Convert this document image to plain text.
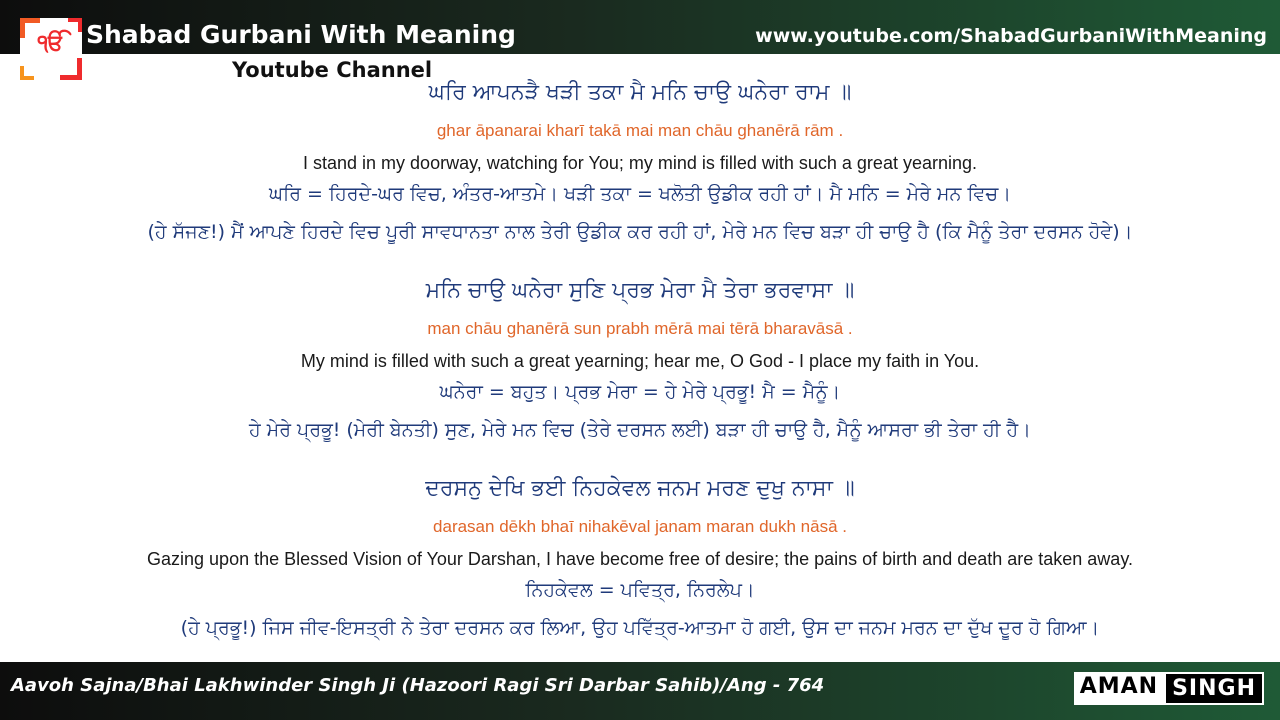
Shabad Gurbani With Meaning	www.youtube.com/ShabadGurbaniWithMeaning
ੴ
Youtube Channel
ਘਰਿ ਆਪਨੜੈ ਖੜੀ ਤਕਾ ਮੈ ਮਨਿ ਚਾਉ ਘਨੇਰਾ ਰਾਮ ॥
ghar āpanarai kharī takā mai man chāu ghanērā rām .
I stand in my doorway, watching for You; my mind is filled with such a great yearning.
ਘਰਿ = ਹਿਰਦੇ-ਘਰ ਵਿਚ, ਅੰਤਰ-ਆਤਮੇ। ਖੜੀ ਤਕਾ = ਖਲੋਤੀ ਉਡੀਕ ਰਹੀ ਹਾਂ। ਮੈ ਮਨਿ = ਮੇਰੇ ਮਨ ਵਿਚ।
(ਹੇ ਸੱਜਣ!) ਮੈਂ ਆਪਣੇ ਹਿਰਦੇ ਵਿਚ ਪੂਰੀ ਸਾਵਧਾਨਤਾ ਨਾਲ ਤੇਰੀ ਉਡੀਕ ਕਰ ਰਹੀ ਹਾਂ, ਮੇਰੇ ਮਨ ਵਿਚ ਬੜਾ ਹੀ ਚਾਉ ਹੈ (ਕਿ ਮੈਨੂੰ ਤੇਰਾ ਦਰਸਨ ਹੋਵੇ)।
ਮਨਿ ਚਾਉ ਘਨੇਰਾ ਸੁਣਿ ਪ੍ਰਭ ਮੇਰਾ ਮੈ ਤੇਰਾ ਭਰਵਾਸਾ ॥
man chāu ghanērā sun prabh mērā mai tērā bharavāsā .
My mind is filled with such a great yearning; hear me, O God - I place my faith in You.
ਘਨੇਰਾ = ਬਹੁਤ। ਪ੍ਰਭ ਮੇਰਾ = ਹੇ ਮੇਰੇ ਪ੍ਰਭੂ! ਮੈ = ਮੈਨੂੰ।
ਹੇ ਮੇਰੇ ਪ੍ਰਭੂ! (ਮੇਰੀ ਬੇਨਤੀ) ਸੁਣ, ਮੇਰੇ ਮਨ ਵਿਚ (ਤੇਰੇ ਦਰਸਨ ਲਈ) ਬੜਾ ਹੀ ਚਾਉ ਹੈ, ਮੈਨੂੰ ਆਸਰਾ ਭੀ ਤੇਰਾ ਹੀ ਹੈ।
ਦਰਸਨੁ ਦੇਖਿ ਭਈ ਨਿਹਕੇਵਲ ਜਨਮ ਮਰਣ ਦੁਖੁ ਨਾਸਾ ॥
darasan dēkh bhaī nihakēval janam maran dukh nāsā .
Gazing upon the Blessed Vision of Your Darshan, I have become free of desire; the pains of birth and death are taken away.
ਨਿਹਕੇਵਲ = ਪਵਿਤ੍ਰ, ਨਿਰਲੇਪ।
(ਹੇ ਪ੍ਰਭੂ!) ਜਿਸ ਜੀਵ-ਇਸਤ੍ਰੀ ਨੇ ਤੇਰਾ ਦਰਸਨ ਕਰ ਲਿਆ, ਉਹ ਪਵਿੱਤ੍ਰ-ਆਤਮਾ ਹੋ ਗਈ, ਉਸ ਦਾ ਜਨਮ ਮਰਨ ਦਾ ਦੁੱਖ ਦੂਰ ਹੋ ਗਿਆ।
Aavoh Sajna/Bhai Lakhwinder Singh Ji (Hazoori Ragi Sri Darbar Sahib)/Ang - 764	AMAN SINGH
